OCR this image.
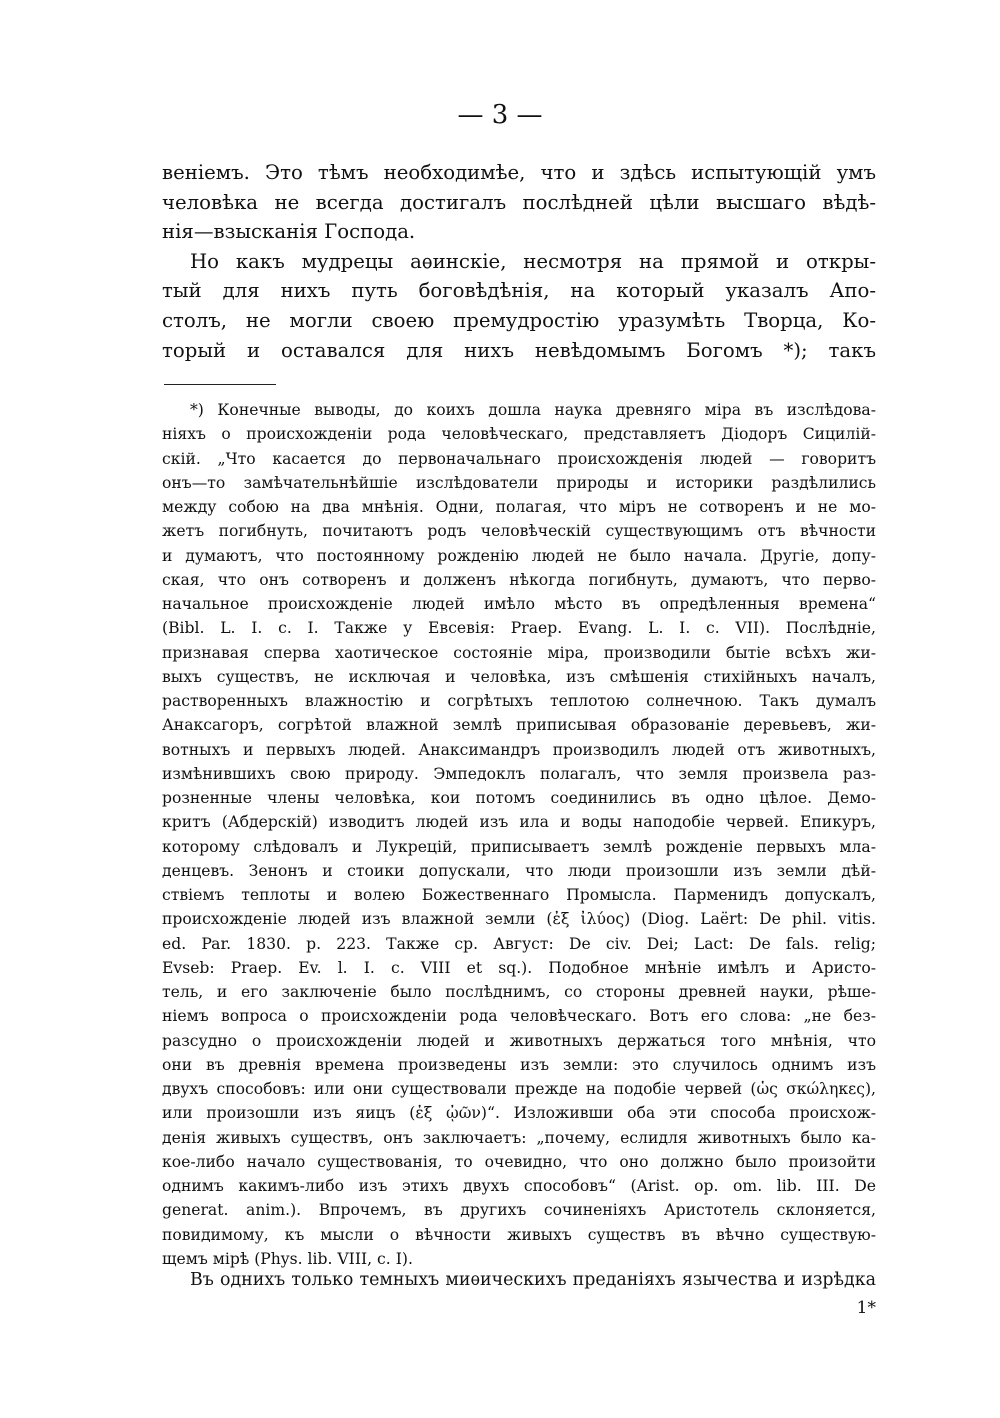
— 3 —
веніемъ. Это тѣмъ необходимѣе, что и здѣсь испытующій умъ
человѣка не всегда достигалъ послѣдней цѣли высшаго вѣдѣ-
нія—взысканія Господа.
Но какъ мудрецы аѳинскіе, несмотря на прямой и откры-
тый для нихъ путь боговѣдѣнія, на который указалъ Апо-
столъ, не могли своею премудростію уразумѣть Творца, Ко-
торый и оставался для нихъ невѣдомымъ Богомъ *); такъ
*) Конечные выводы, до коихъ дошла наука древняго міра въ изслѣдова-
ніяхъ о происхожденіи рода человѣческаго, представляетъ Діодоръ Сицилій-
скій. „Что касается до первоначальнаго происхожденія людей — говоритъ
онъ—то замѣчательнѣйшіе изслѣдователи природы и историки раздѣлились
между собою на два мнѣнія. Одни, полагая, что міръ не сотворенъ и не мо-
жетъ погибнуть, почитаютъ родъ человѣческій существующимъ отъ вѣчности
и думаютъ, что постоянному рожденію людей не было начала. Другіе, допу-
ская, что онъ сотворенъ и долженъ нѣкогда погибнуть, думаютъ, что перво-
начальное происхожденіе людей имѣло мѣсто въ опредѣленныя времена“
(Bibl. L. I. c. I. Также у Евсевія: Praep. Evang. L. I. c. VII). Послѣдніе,
признавая сперва хаотическое состояніе міра, производили бытіе всѣхъ жи-
выхъ существъ, не исключая и человѣка, изъ смѣшенія стихійныхъ началъ,
растворенныхъ влажностію и согрѣтыхъ теплотою солнечною. Такъ думалъ
Анаксагоръ, согрѣтой влажной землѣ приписывая образованіе деревьевъ, жи-
вотныхъ и первыхъ людей. Анаксимандръ производилъ людей отъ животныхъ,
измѣнившихъ свою природу. Эмпедоклъ полагалъ, что земля произвела раз-
розненные члены человѣка, кои потомъ соединились въ одно цѣлое. Демо-
критъ (Абдерскій) изводитъ людей изъ ила и воды наподобіе червей. Епикуръ,
которому слѣдовалъ и Лукрецій, приписываетъ землѣ рожденіе первыхъ мла-
денцевъ. Зенонъ и стоики допускали, что люди произошли изъ земли дѣй-
ствіемъ теплоты и волею Божественнаго Промысла. Парменидъ допускалъ,
происхожденіе людей изъ влажной земли (ἐξ ἰλύος) (Diog. Laërt: De phil. vitis.
ed. Par. 1830. p. 223. Также ср. Август: De civ. Dei; Lact: De fals. relig;
Evseb: Praep. Ev. l. I. c. VIII et sq.). Подобное мнѣніе имѣлъ и Аристо-
тель, и его заключеніе было послѣднимъ, со стороны древней науки, рѣше-
ніемъ вопроса о происхожденіи рода человѣческаго. Вотъ его слова: „не без-
разсудно о происхожденіи людей и животныхъ держаться того мнѣнія, что
они въ древнія времена произведены изъ земли: это случилось однимъ изъ
двухъ способовъ: или они существовали прежде на подобіе червей (ὡς σκώληκες),
или произошли изъ яицъ (ἐξ ᾠῶν)“. Изложивши оба эти способа происхож-
денія живыхъ существъ, онъ заключаетъ: „почему, еслидля животныхъ было ка-
кое-либо начало существованія, то очевидно, что оно должно было произойти
однимъ какимъ-либо изъ этихъ двухъ способовъ“ (Arist. op. om. lib. III. De
generat. anim.). Впрочемъ, въ другихъ сочиненіяхъ Аристотель склоняется,
повидимому, къ мысли о вѣчности живыхъ существъ въ вѣчно существую-
щемъ мірѣ (Phys. lib. VIII, c. I).
Въ однихъ только темныхъ миѳическихъ преданіяхъ язычества и изрѣдка
1*
